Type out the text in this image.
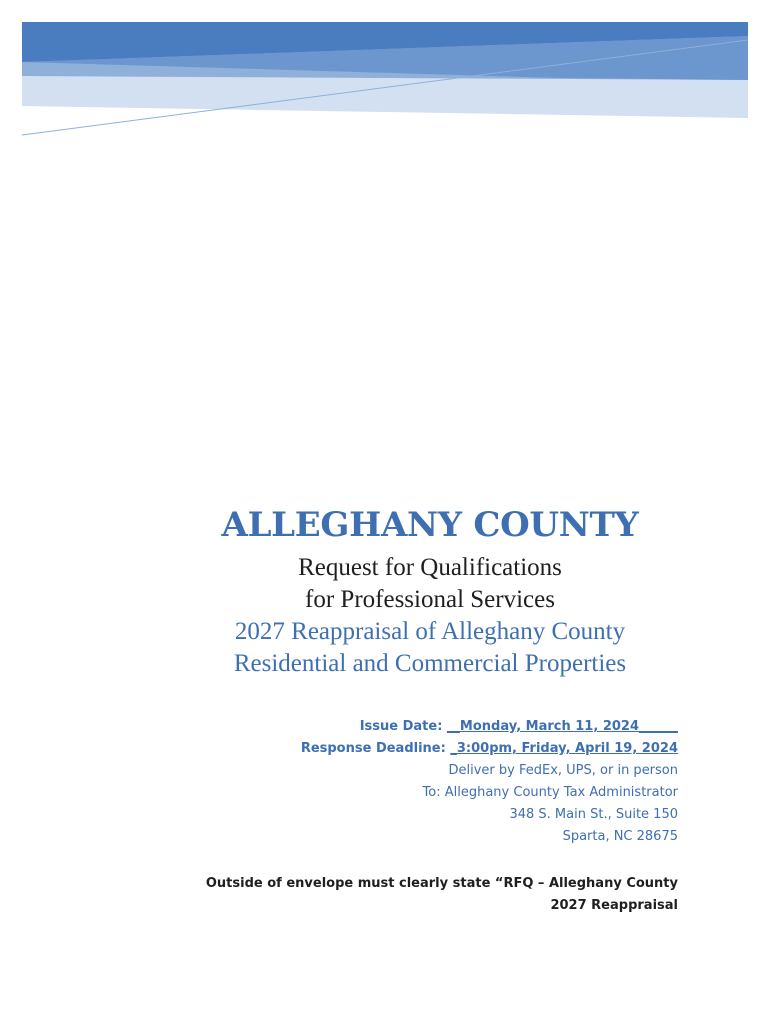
ALLEGHANY COUNTY
Request for Qualifications
for Professional Services
2027 Reappraisal of Alleghany County
Residential and Commercial Properties
Issue Date: __Monday, March 11, 2024______
Response Deadline: _3:00pm, Friday, April 19, 2024
Deliver by FedEx, UPS, or in person
To: Alleghany County Tax Administrator
348 S. Main St., Suite 150
Sparta, NC 28675
Outside of envelope must clearly state “RFQ – Alleghany County
2027 Reappraisal
